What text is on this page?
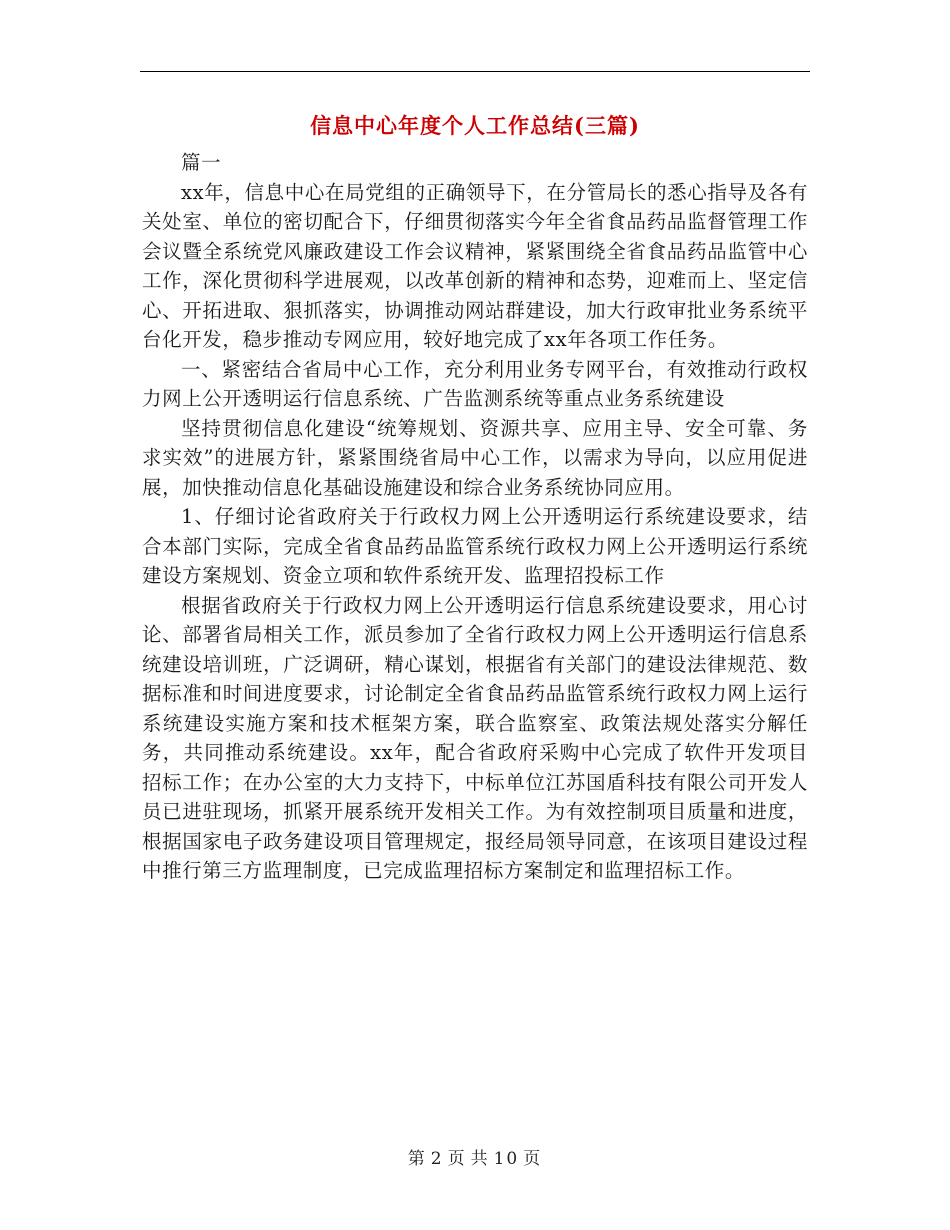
信息中心年度个人工作总结(三篇)

篇一

xx年，信息中心在局党组的正确领导下，在分管局长的悉心指导及各有关处室、单位的密切配合下，仔细贯彻落实今年全省食品药品监督管理工作会议暨全系统党风廉政建设工作会议精神，紧紧围绕全省食品药品监管中心工作，深化贯彻科学进展观，以改革创新的精神和态势，迎难而上、坚定信心、开拓进取、狠抓落实，协调推动网站群建设，加大行政审批业务系统平台化开发，稳步推动专网应用，较好地完成了xx年各项工作任务。

一、紧密结合省局中心工作，充分利用业务专网平台，有效推动行政权力网上公开透明运行信息系统、广告监测系统等重点业务系统建设

坚持贯彻信息化建设“统筹规划、资源共享、应用主导、安全可靠、务求实效”的进展方针，紧紧围绕省局中心工作，以需求为导向，以应用促进展，加快推动信息化基础设施建设和综合业务系统协同应用。

1、仔细讨论省政府关于行政权力网上公开透明运行系统建设要求，结合本部门实际，完成全省食品药品监管系统行政权力网上公开透明运行系统建设方案规划、资金立项和软件系统开发、监理招投标工作

根据省政府关于行政权力网上公开透明运行信息系统建设要求，用心讨论、部署省局相关工作，派员参加了全省行政权力网上公开透明运行信息系统建设培训班，广泛调研，精心谋划，根据省有关部门的建设法律规范、数据标准和时间进度要求，讨论制定全省食品药品监管系统行政权力网上运行系统建设实施方案和技术框架方案，联合监察室、政策法规处落实分解任务，共同推动系统建设。xx年，配合省政府采购中心完成了软件开发项目招标工作；在办公室的大力支持下，中标单位江苏国盾科技有限公司开发人员已进驻现场，抓紧开展系统开发相关工作。为有效控制项目质量和进度，根据国家电子政务建设项目管理规定，报经局领导同意，在该项目建设过程中推行第三方监理制度，已完成监理招标方案制定和监理招标工作。

第 2 页 共 10 页
